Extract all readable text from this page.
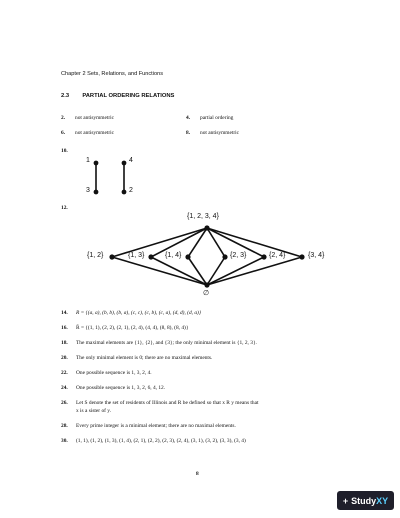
Chapter 2 Sets, Relations, and Functions
2.3 PARTIAL ORDERING RELATIONS
2. not antisymmetric	4. partial ordering
6. not antisymmetric	8. not antisymmetric
10.
1
3
4
2
12.
{1, 2, 3, 4}
{1, 2}	{1, 3}	{1, 4}	{2, 3}	{2, 4}	{3, 4}
∅
14. R = {(a, a), (b, b), (b, a), (c, c), (c, b), (c, a), (d, d), (d, a)}
16. R̄ = {(1, 1), (2, 2), (2, 1), (2, 4), (4, 4), (8, 8), (8, 4)}
18. The maximal elements are {1}, {2}, and {3}; the only minimal element is {1, 2, 3}.
20. The only minimal element is 0; there are no maximal elements.
22. One possible sequence is 1, 3, 2, 4.
24. One possible sequence is 1, 3, 2, 6, 4, 12.
26. Let S denote the set of residents of Illinois and R be defined so that x R y means that
x is a sister of y.
28. Every prime integer is a minimal element; there are no maximal elements.
30. (1, 1), (1, 2), (1, 3), (1, 4), (2, 1), (2, 2), (2, 3), (2, 4), (3, 1), (3, 2), (3, 3), (3, 4)
8
+ StudyXY
